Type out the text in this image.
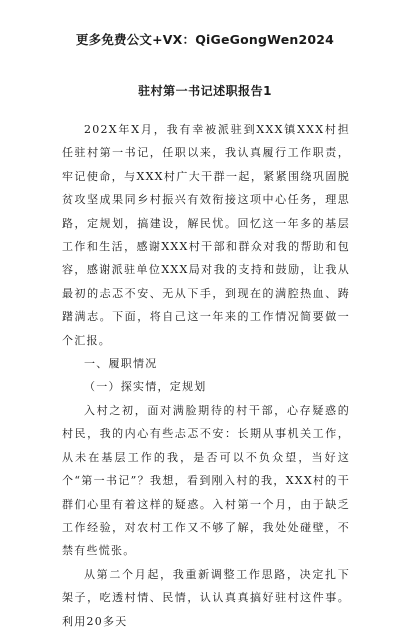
更多免费公文+VX：QiGeGongWen2024
驻村第一书记述职报告1

202X年X月，我有幸被派驻到XXX镇XXX村担任驻村第一书记，任职以来，我认真履行工作职责，牢记使命，与XXX村广大干群一起，紧紧围绕巩固脱贫攻坚成果同乡村振兴有效衔接这项中心任务，理思路，定规划，搞建设，解民忧。回忆这一年多的基层工作和生活，感谢XXX村干部和群众对我的帮助和包容，感谢派驻单位XXX局对我的支持和鼓励，让我从最初的忐忑不安、无从下手，到现在的满腔热血、踌躇满志。下面，将自己这一年来的工作情况简要做一个汇报。

一、履职情况

（一）探实情，定规划

入村之初，面对满脸期待的村干部，心存疑惑的村民，我的内心有些忐忑不安：长期从事机关工作，从未在基层工作的我，是否可以不负众望，当好这个“第一书记”？我想，看到刚入村的我，XXX村的干群们心里有着这样的疑惑。入村第一个月，由于缺乏工作经验，对农村工作又不够了解，我处处碰壁，不禁有些慌张。

从第二个月起，我重新调整工作思路，决定扎下架子，吃透村情、民情，认认真真搞好驻村这件事。利用20多天
